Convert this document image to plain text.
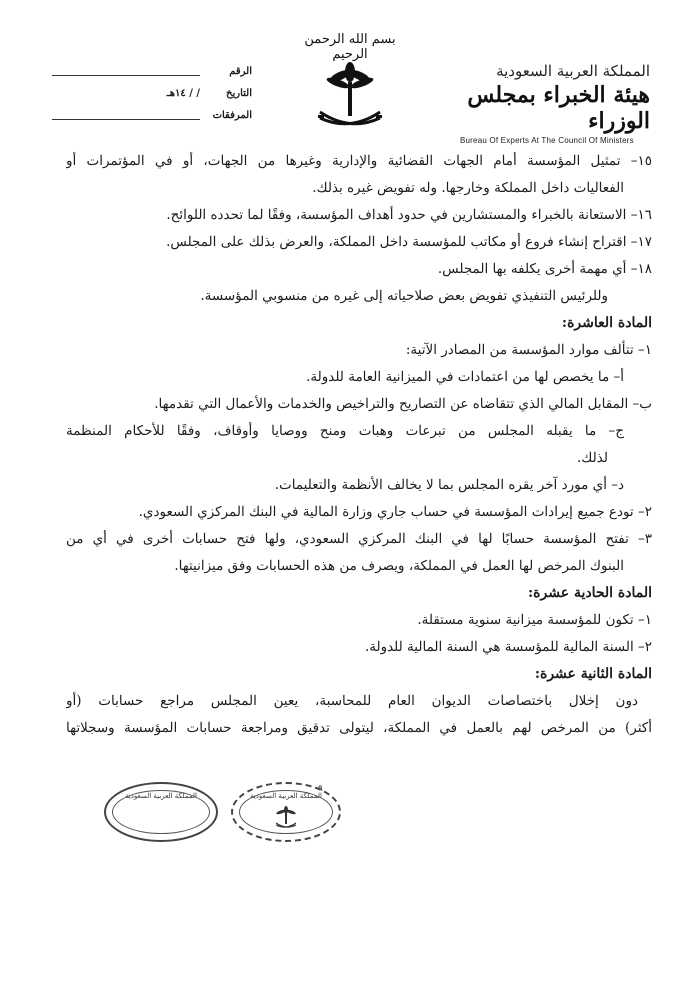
المملكة العربية السعودية
هيئة الخبراء بمجلس الوزراء
Bureau Of Experts At The Council Of Ministers
بسم الله الرحمن الرحيم
الرقم
التاريخ
/ / ١٤هـ
المرفقات
١٥– تمثيل المؤسسة أمام الجهات القضائية والإدارية وغيرها من الجهات، أو في المؤتمرات أو
الفعاليات داخل المملكة وخارجها. وله تفويض غيره بذلك.
١٦– الاستعانة بالخبراء والمستشارين في حدود أهداف المؤسسة، وفقًا لما تحدده اللوائح.
١٧– اقتراح إنشاء فروع أو مكاتب للمؤسسة داخل المملكة، والعرض بذلك على المجلس.
١٨– أي مهمة أخرى يكلفه بها المجلس.
وللرئيس التنفيذي تفويض بعض صلاحياته إلى غيره من منسوبي المؤسسة.
المادة العاشرة:
١– تتألف موارد المؤسسة من المصادر الآتية:
أ– ما يخصص لها من اعتمادات في الميزانية العامة للدولة.
ب– المقابل المالي الذي تتقاضاه عن التصاريح والتراخيص والخدمات والأعمال التي تقدمها.
ج– ما يقبله المجلس من تبرعات وهبات ومنح ووصايا وأوقاف، وفقًا للأحكام المنظمة
لذلك.
د– أي مورد آخر يقره المجلس بما لا يخالف الأنظمة والتعليمات.
٢– تودع جميع إيرادات المؤسسة في حساب جاري وزارة المالية في البنك المركزي السعودي.
٣– تفتح المؤسسة حسابًا لها في البنك المركزي السعودي، ولها فتح حسابات أخرى في أي من
البنوك المرخص لها العمل في المملكة، ويصرف من هذه الحسابات وفق ميزانيتها.
المادة الحادية عشرة:
١– تكون للمؤسسة ميزانية سنوية مستقلة.
٢– السنة المالية للمؤسسة هي السنة المالية للدولة.
المادة الثانية عشرة:
دون إخلال باختصاصات الديوان العام للمحاسبة، يعين المجلس مراجع حسابات (أو
أكثر) من المرخص لهم بالعمل في المملكة، ليتولى تدقيق ومراجعة حسابات المؤسسة وسجلاتها
٩
المملكة العربية السعودية	المملكة العربية السعودية
